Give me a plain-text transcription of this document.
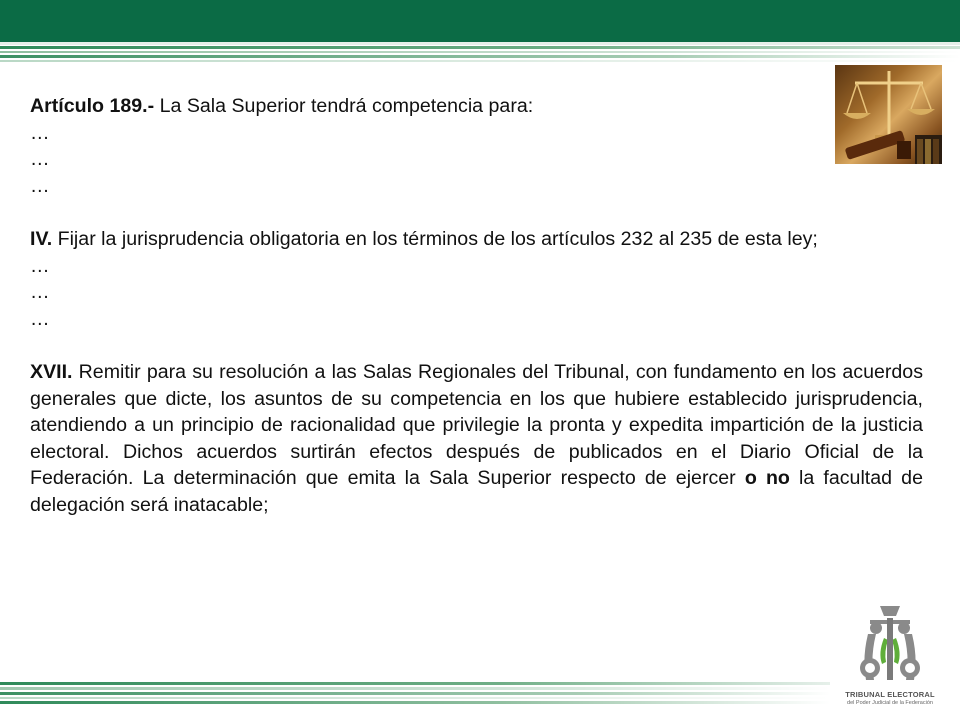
Artículo 189.- La Sala Superior tendrá competencia para:

…

…

…

IV. Fijar la jurisprudencia obligatoria en los términos de los artículos 232 al 235 de esta ley;

…

…

…

XVII. Remitir para su resolución a las Salas Regionales del Tribunal, con fundamento en los acuerdos generales que dicte, los asuntos de su competencia en los que hubiere establecido jurisprudencia, atendiendo a un principio de racionalidad que privilegie la pronta y expedita impartición de la justicia electoral. Dichos acuerdos surtirán efectos después de publicados en el Diario Oficial de la Federación. La determinación que emita la Sala Superior respecto de ejercer o no la facultad de delegación será inatacable;

TRIBUNAL ELECTORAL
del Poder Judicial de la Federación
